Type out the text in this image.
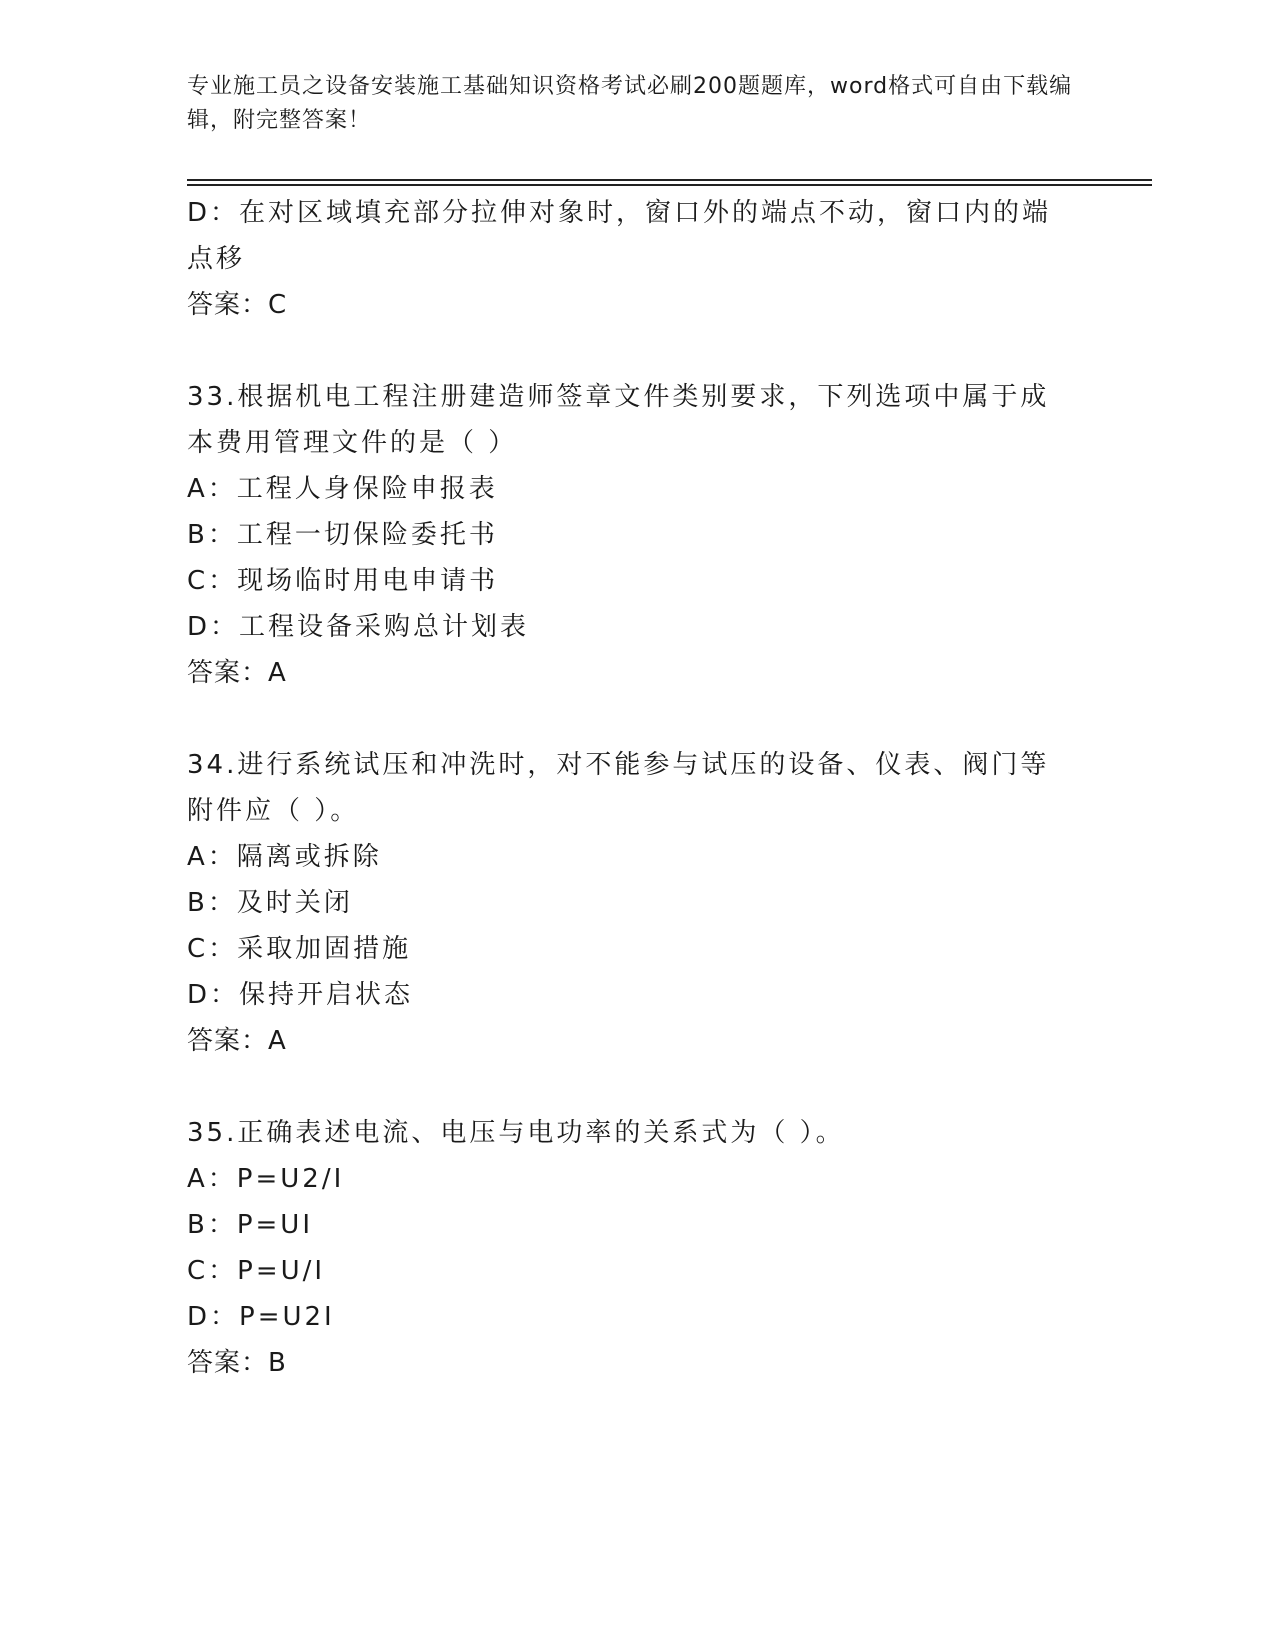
专业施工员之设备安装施工基础知识资格考试必刷200题题库，word格式可自由下载编辑，附完整答案！
D：在对区域填充部分拉伸对象时，窗口外的端点不动，窗口内的端点移
答案：C
33.根据机电工程注册建造师签章文件类别要求，下列选项中属于成本费用管理文件的是（ ）
A：工程人身保险申报表
B：工程一切保险委托书
C：现场临时用电申请书
D：工程设备采购总计划表
答案：A
34.进行系统试压和冲洗时，对不能参与试压的设备、仪表、阀门等附件应（ ）。
A：隔离或拆除
B：及时关闭
C：采取加固措施
D：保持开启状态
答案：A
35.正确表述电流、电压与电功率的关系式为（ ）。
A：P=U2/I
B：P=UI
C：P=U/I
D：P=U2I
答案：B
